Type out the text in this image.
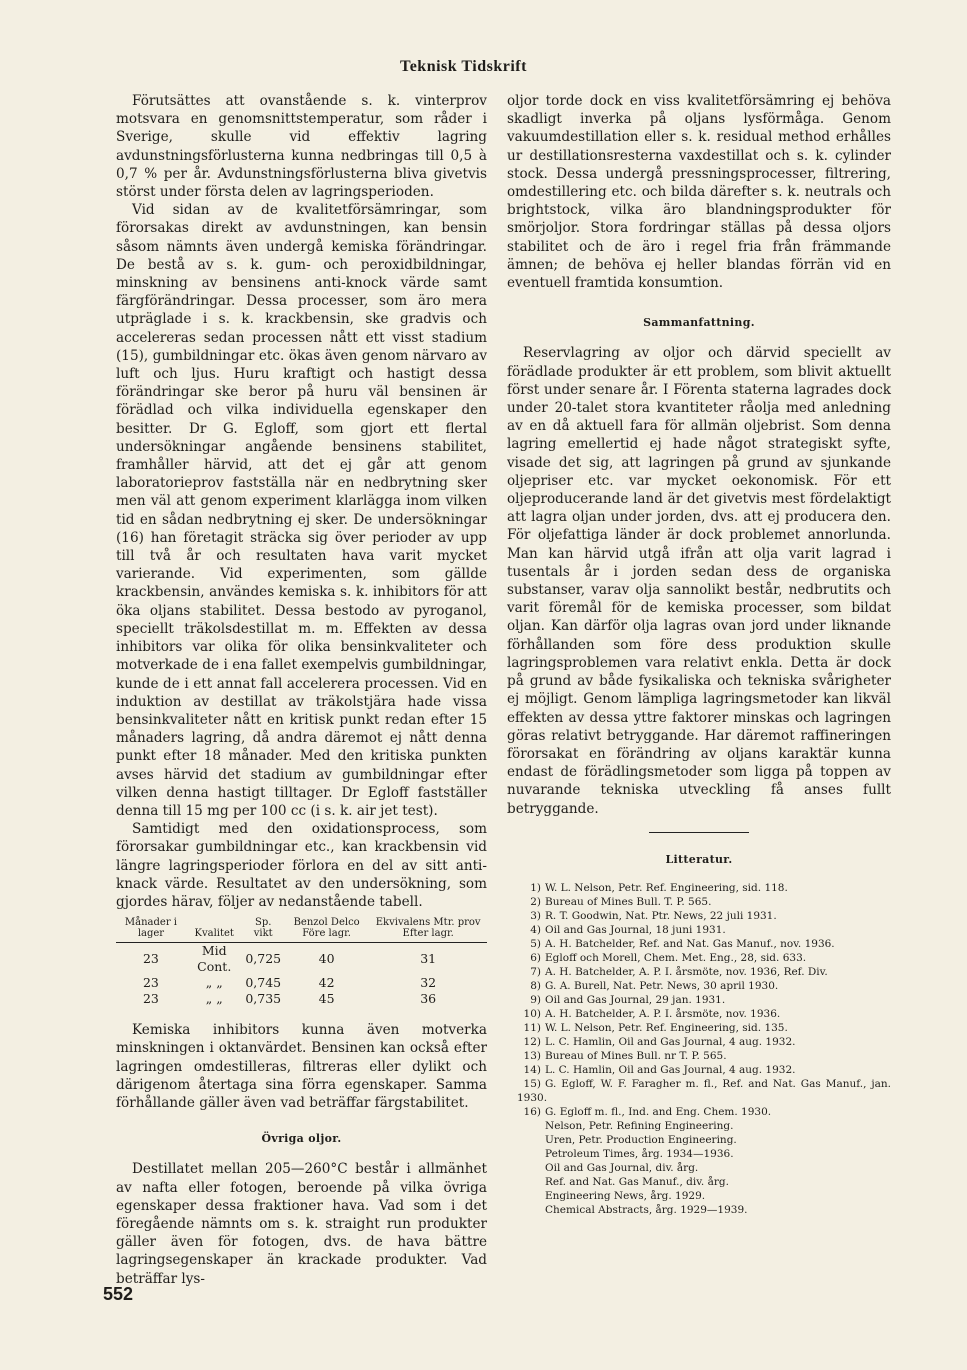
Teknisk Tidskrift

Förutsättes att ovanstående s. k. vinterprov motsvara en genomsnittstemperatur, som råder i Sverige, skulle vid effektiv lagring avdunstningsförlusterna kunna nedbringas till 0,5 à 0,7 % per år. Avdunstningsförlusterna bliva givetvis störst under första delen av lagringsperioden.

Vid sidan av de kvalitetförsämringar, som förorsakas direkt av avdunstningen, kan bensin såsom nämnts även undergå kemiska förändringar. De bestå av s. k. gum- och peroxidbildningar, minskning av bensinens anti-knock värde samt färgförändringar. Dessa processer, som äro mera utpräglade i s. k. krackbensin, ske gradvis och accelereras sedan processen nått ett visst stadium (15), gumbildningar etc. ökas även genom närvaro av luft och ljus. Huru kraftigt och hastigt dessa förändringar ske beror på huru väl bensinen är förädlad och vilka individuella egenskaper den besitter. Dr G. Egloff, som gjort ett flertal undersökningar angående bensinens stabilitet, framhåller härvid, att det ej går att genom laboratorieprov fastställa när en nedbrytning sker men väl att genom experiment klarlägga inom vilken tid en sådan nedbrytning ej sker. De undersökningar (16) han företagit sträcka sig över perioder av upp till två år och resultaten hava varit mycket varierande. Vid experimenten, som gällde krackbensin, användes kemiska s. k. inhibitors för att öka oljans stabilitet. Dessa bestodo av pyroganol, speciellt träkolsdestillat m. m. Effekten av dessa inhibitors var olika för olika bensinkvaliteter och motverkade de i ena fallet exempelvis gumbildningar, kunde de i ett annat fall accelerera processen. Vid en induktion av destillat av träkolstjära hade vissa bensinkvaliteter nått en kritisk punkt redan efter 15 månaders lagring, då andra däremot ej nått denna punkt efter 18 månader. Med den kritiska punkten avses härvid det stadium av gumbildningar efter vilken denna hastigt tilltager. Dr Egloff fastställer denna till 15 mg per 100 cc (i s. k. air jet test).

Samtidigt med den oxidationsprocess, som förorsakar gumbildningar etc., kan krackbensin vid längre lagringsperioder förlora en del av sitt anti-knack värde. Resultatet av den undersökning, som gjordes härav, följer av nedanstående tabell.

Månader i lager	Kvalitet	Sp. vikt	Benzol Delco Före lagr.	Ekvivalens Mtr. prov Efter lagr.
23	Mid Cont.	0,725	40	31
23	„ „	0,745	42	32
23	„ „	0,735	45	36

Kemiska inhibitors kunna även motverka minskningen i oktanvärdet. Bensinen kan också efter lagringen omdestilleras, filtreras eller dylikt och därigenom återtaga sina förra egenskaper. Samma förhållande gäller även vad beträffar färgstabilitet.

Övriga oljor.

Destillatet mellan 205—260°C består i allmänhet av nafta eller fotogen, beroende på vilka övriga egenskaper dessa fraktioner hava. Vad som i det föregående nämnts om s. k. straight run produkter gäller även för fotogen, dvs. de hava bättre lagringsegenskaper än krackade produkter. Vad beträffar lys-

oljor torde dock en viss kvalitetförsämring ej behöva skadligt inverka på oljans lysförmåga. Genom vakuumdestillation eller s. k. residual method erhålles ur destillationsresterna vaxdestillat och s. k. cylinder stock. Dessa undergå pressningsprocesser, filtrering, omdestillering etc. och bilda därefter s. k. neutrals och brightstock, vilka äro blandningsprodukter för smörjoljor. Stora fordringar ställas på dessa oljors stabilitet och de äro i regel fria från främmande ämnen; de behöva ej heller blandas förrän vid en eventuell framtida konsumtion.

Sammanfattning.

Reservlagring av oljor och därvid speciellt av förädlade produkter är ett problem, som blivit aktuellt först under senare år. I Förenta staterna lagrades dock under 20-talet stora kvantiteter råolja med anledning av en då aktuell fara för allmän oljebrist. Som denna lagring emellertid ej hade något strategiskt syfte, visade det sig, att lagringen på grund av sjunkande oljepriser etc. var mycket oekonomisk. För ett oljeproducerande land är det givetvis mest fördelaktigt att lagra oljan under jorden, dvs. att ej producera den. För oljefattiga länder är dock problemet annorlunda. Man kan härvid utgå ifrån att olja varit lagrad i tusentals år i jorden sedan dess de organiska substanser, varav olja sannolikt består, nedbrutits och varit föremål för de kemiska processer, som bildat oljan. Kan därför olja lagras ovan jord under liknande förhållanden som före dess produktion skulle lagringsproblemen vara relativt enkla. Detta är dock på grund av både fysikaliska och tekniska svårigheter ej möjligt. Genom lämpliga lagringsmetoder kan likväl effekten av dessa yttre faktorer minskas och lagringen göras relativt betryggande. Har däremot raffineringen förorsakat en förändring av oljans karaktär kunna endast de förädlingsmetoder som ligga på toppen av nuvarande tekniska utveckling få anses fullt betryggande.

Litteratur.
1) W. L. Nelson, Petr. Ref. Engineering, sid. 118.
2) Bureau of Mines Bull. T. P. 565.
3) R. T. Goodwin, Nat. Ptr. News, 22 juli 1931.
4) Oil and Gas Journal, 18 juni 1931.
5) A. H. Batchelder, Ref. and Nat. Gas Manuf., nov. 1936.
6) Egloff och Morell, Chem. Met. Eng., 28, sid. 633.
7) A. H. Batchelder, A. P. I. årsmöte, nov. 1936, Ref. Div.
8) G. A. Burell, Nat. Petr. News, 30 april 1930.
9) Oil and Gas Journal, 29 jan. 1931.
10) A. H. Batchelder, A. P. I. årsmöte, nov. 1936.
11) W. L. Nelson, Petr. Ref. Engineering, sid. 135.
12) L. C. Hamlin, Oil and Gas Journal, 4 aug. 1932.
13) Bureau of Mines Bull. nr T. P. 565.
14) L. C. Hamlin, Oil and Gas Journal, 4 aug. 1932.
15) G. Egloff, W. F. Faragher m. fl., Ref. and Nat. Gas Manuf., jan. 1930.
16) G. Egloff m. fl., Ind. and Eng. Chem. 1930.
Nelson, Petr. Refining Engineering.
Uren, Petr. Production Engineering.
Petroleum Times, årg. 1934—1936.
Oil and Gas Journal, div. årg.
Ref. and Nat. Gas Manuf., div. årg.
Engineering News, årg. 1929.
Chemical Abstracts, årg. 1929—1939.
552
